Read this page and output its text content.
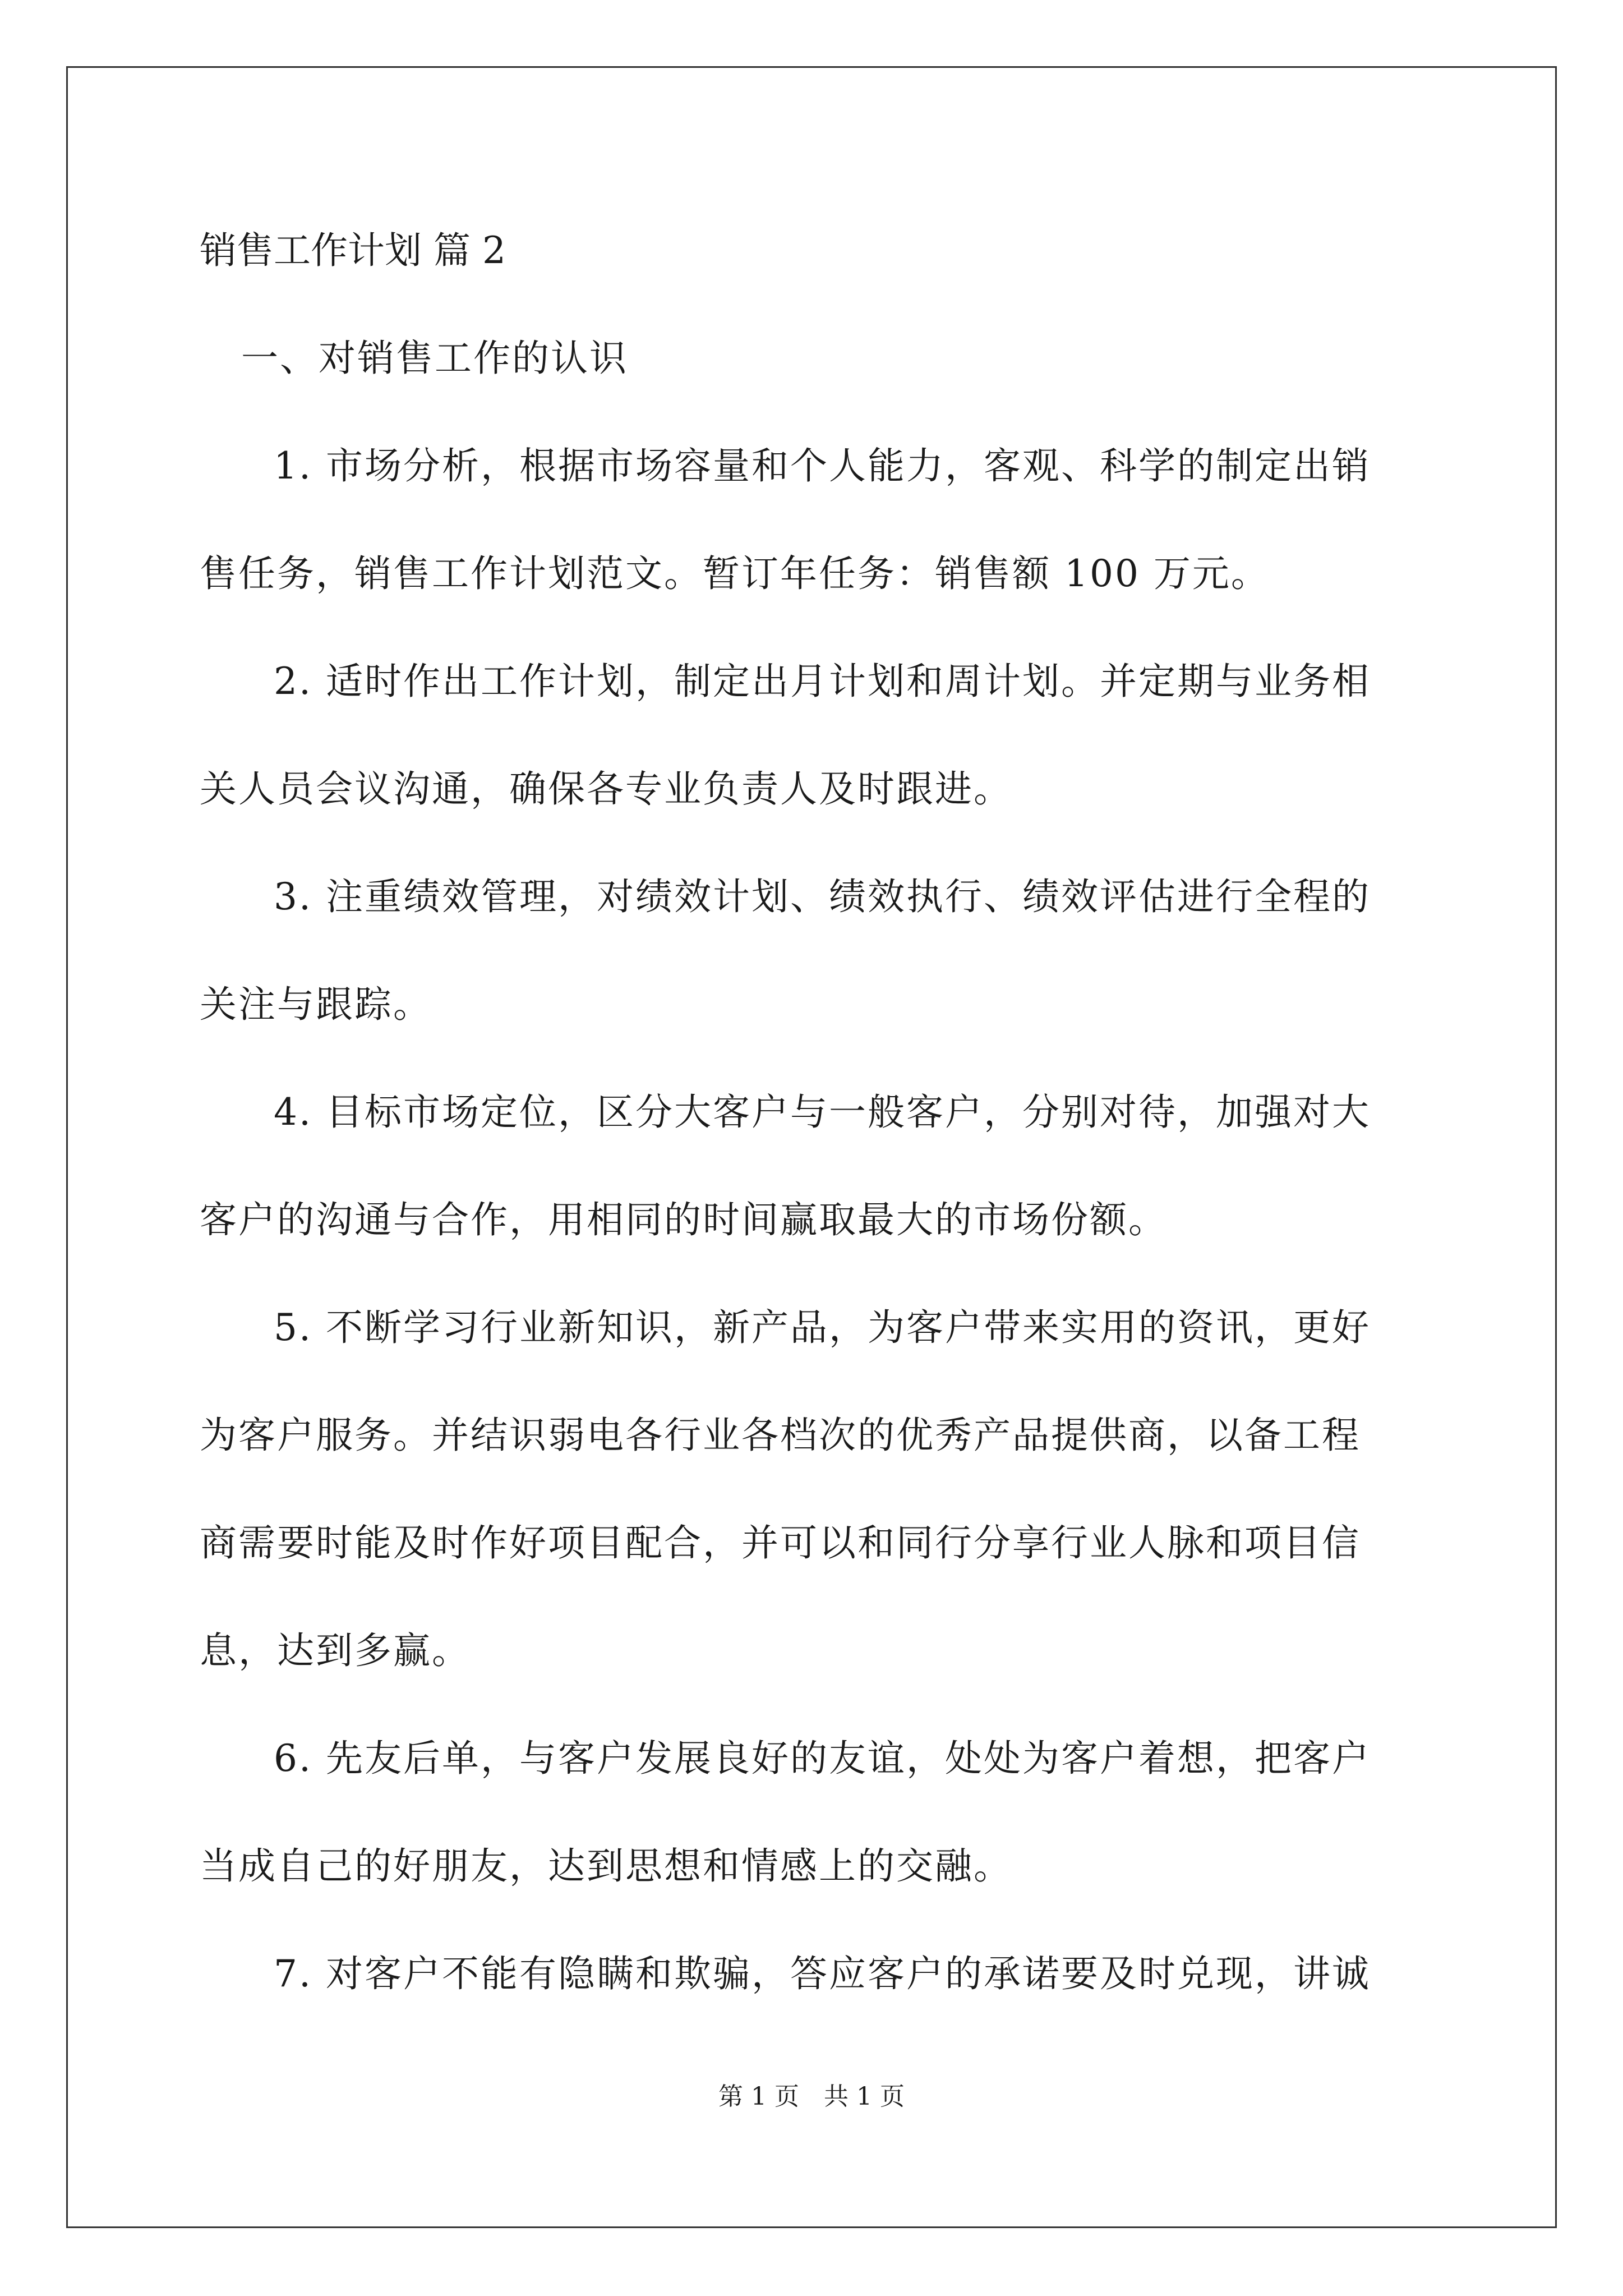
销售工作计划 篇 2
一、对销售工作的认识
1. 市场分析，根据市场容量和个人能力，客观、科学的制定出销
售任务，销售工作计划范文。暂订年任务：销售额 100 万元。
2. 适时作出工作计划，制定出月计划和周计划。并定期与业务相
关人员会议沟通，确保各专业负责人及时跟进。
3. 注重绩效管理，对绩效计划、绩效执行、绩效评估进行全程的
关注与跟踪。
4. 目标市场定位，区分大客户与一般客户，分别对待，加强对大
客户的沟通与合作，用相同的时间赢取最大的市场份额。
5. 不断学习行业新知识，新产品，为客户带来实用的资讯，更好
为客户服务。并结识弱电各行业各档次的优秀产品提供商，以备工程
商需要时能及时作好项目配合，并可以和同行分享行业人脉和项目信
息，达到多赢。
6. 先友后单，与客户发展良好的友谊，处处为客户着想，把客户
当成自己的好朋友，达到思想和情感上的交融。
7. 对客户不能有隐瞒和欺骗，答应客户的承诺要及时兑现，讲诚
第 1 页　共 1 页
